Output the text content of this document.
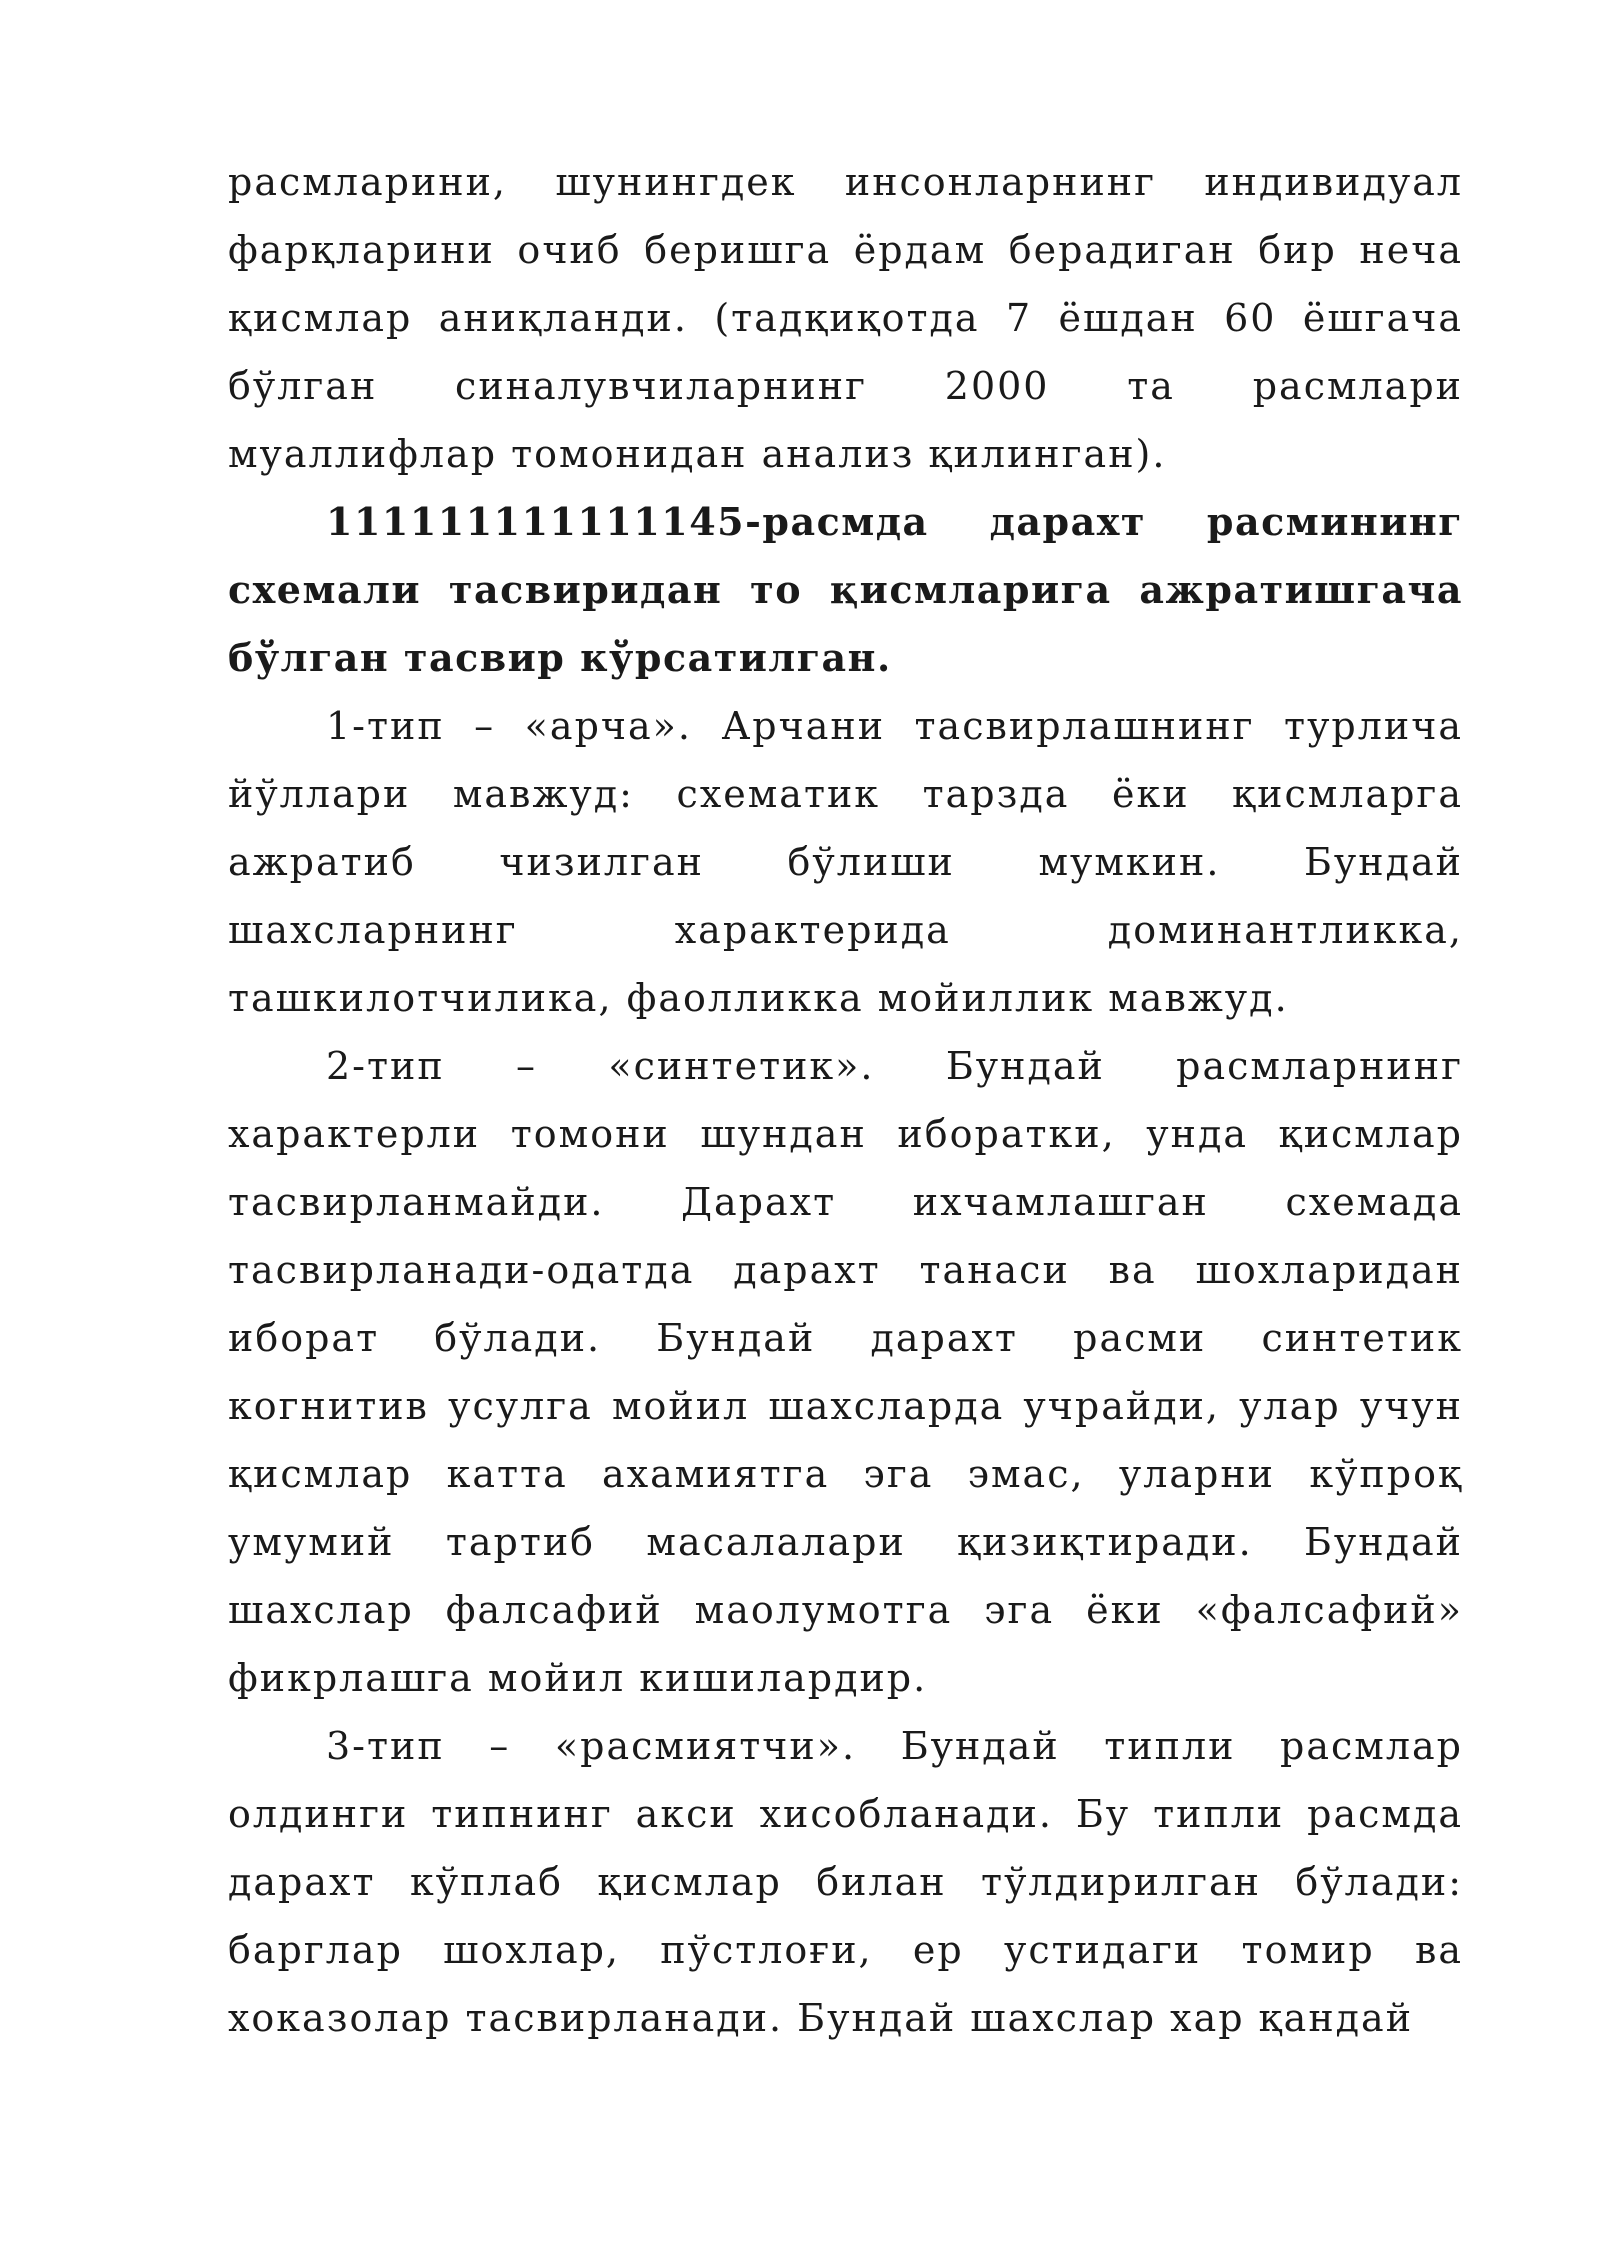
расмларини, шунингдек инсонларнинг индивидуал фарқларини очиб беришга ёрдам берадиган бир неча қисмлар аниқланди. (тадқиқотда 7 ёшдан 60 ёшгача бўлган синалувчиларнинг 2000 та расмлари муаллифлар томонидан анализ қилинган).

111111111111145-расмда дарахт расмининг схемали тасвиридан то қисмларига ажратишгача бўлган тасвир кўрсатилган.

1-тип – «арча». Арчани тасвирлашнинг турлича йўллари мавжуд: схематик тарзда ёки қисмларга ажратиб чизилган бўлиши мумкин. Бундай шахсларнинг характерида доминантликка, ташкилотчилика, фаолликка мойиллик мавжуд.

2-тип – «синтетик». Бундай расмларнинг характерли томони шундан иборатки, унда қисмлар тасвирланмайди. Дарахт ихчамлашган схемада тасвирланади-одатда дарахт танаси ва шохларидан иборат бўлади. Бундай дарахт расми синтетик когнитив усулга мойил шахсларда учрайди, улар учун қисмлар катта ахамиятга эга эмас, уларни кўпроқ умумий тартиб масалалари қизиқтиради. Бундай шахслар фалсафий маолумотга эга ёки «фалсафий» фикрлашга мойил кишилардир.

3-тип – «расмиятчи». Бундай типли расмлар олдинги типнинг акси хисобланади. Бу типли расмда дарахт кўплаб қисмлар билан тўлдирилган бўлади: барглар шохлар, пўстлоғи, ер устидаги томир ва хоказолар тасвирланади. Бундай шахслар хар қандай
